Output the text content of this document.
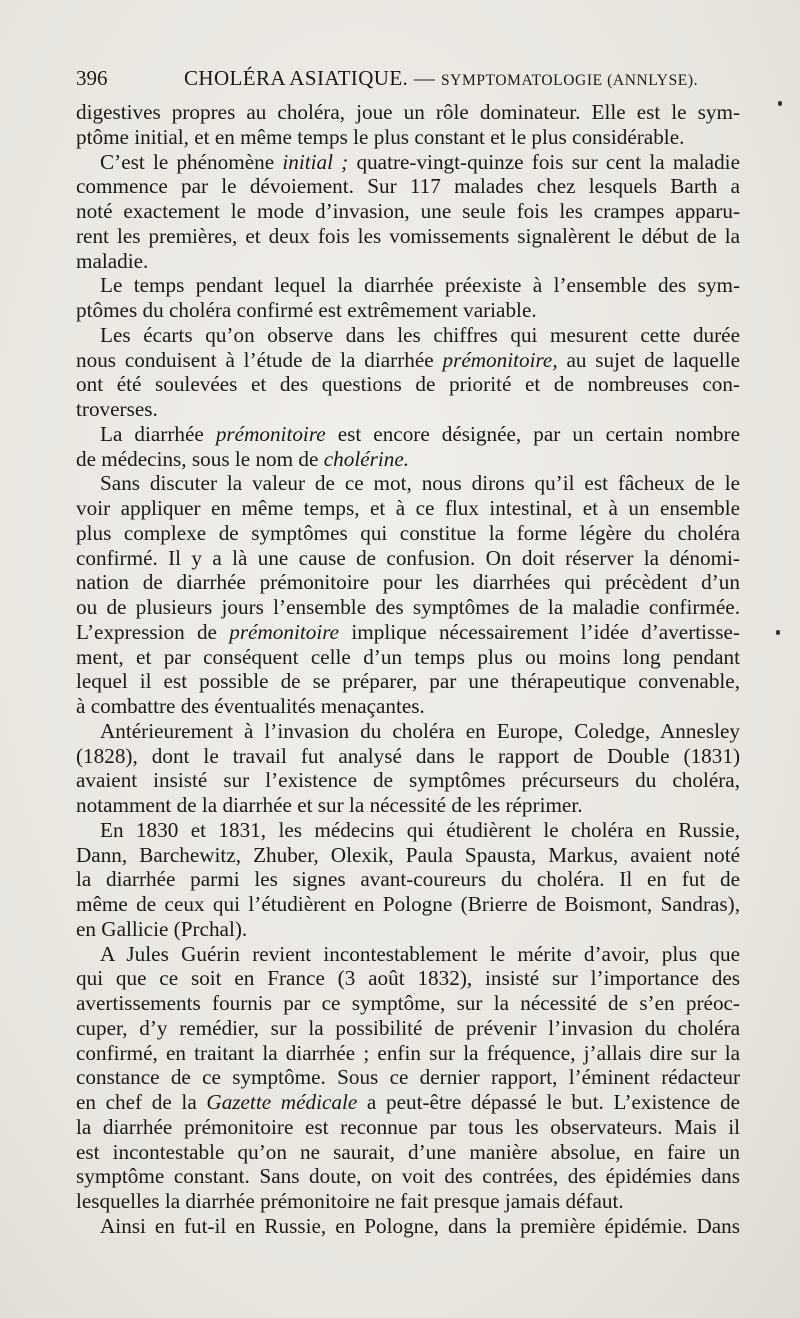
396	CHOLÉRA ASIATIQUE. — SYMPTOMATOLOGIE (ANNLYSE).
digestives propres au choléra, joue un rôle dominateur. Elle est le sym-
ptôme initial, et en même temps le plus constant et le plus considérable.
C’est le phénomène initial ; quatre-vingt-quinze fois sur cent la maladie
commence par le dévoiement. Sur 117 malades chez lesquels Barth a
noté exactement le mode d’invasion, une seule fois les crampes apparu-
rent les premières, et deux fois les vomissements signalèrent le début de la
maladie.
Le temps pendant lequel la diarrhée préexiste à l’ensemble des sym-
ptômes du choléra confirmé est extrêmement variable.
Les écarts qu’on observe dans les chiffres qui mesurent cette durée
nous conduisent à l’étude de la diarrhée prémonitoire, au sujet de laquelle
ont été soulevées et des questions de priorité et de nombreuses con-
troverses.
La diarrhée prémonitoire est encore désignée, par un certain nombre
de médecins, sous le nom de cholérine.
Sans discuter la valeur de ce mot, nous dirons qu’il est fâcheux de le
voir appliquer en même temps, et à ce flux intestinal, et à un ensemble
plus complexe de symptômes qui constitue la forme légère du choléra
confirmé. Il y a là une cause de confusion. On doit réserver la dénomi-
nation de diarrhée prémonitoire pour les diarrhées qui précèdent d’un
ou de plusieurs jours l’ensemble des symptômes de la maladie confirmée.
L’expression de prémonitoire implique nécessairement l’idée d’avertisse-
ment, et par conséquent celle d’un temps plus ou moins long pendant
lequel il est possible de se préparer, par une thérapeutique convenable,
à combattre des éventualités menaçantes.
Antérieurement à l’invasion du choléra en Europe, Coledge, Annesley
(1828), dont le travail fut analysé dans le rapport de Double (1831)
avaient insisté sur l’existence de symptômes précurseurs du choléra,
notamment de la diarrhée et sur la nécessité de les réprimer.
En 1830 et 1831, les médecins qui étudièrent le choléra en Russie,
Dann, Barchewitz, Zhuber, Olexik, Paula Spausta, Markus, avaient noté
la diarrhée parmi les signes avant-coureurs du choléra. Il en fut de
même de ceux qui l’étudièrent en Pologne (Brierre de Boismont, Sandras),
en Gallicie (Prchal).
A Jules Guérin revient incontestablement le mérite d’avoir, plus que
qui que ce soit en France (3 août 1832), insisté sur l’importance des
avertissements fournis par ce symptôme, sur la nécessité de s’en préoc-
cuper, d’y remédier, sur la possibilité de prévenir l’invasion du choléra
confirmé, en traitant la diarrhée ; enfin sur la fréquence, j’allais dire sur la
constance de ce symptôme. Sous ce dernier rapport, l’éminent rédacteur
en chef de la Gazette médicale a peut-être dépassé le but. L’existence de
la diarrhée prémonitoire est reconnue par tous les observateurs. Mais il
est incontestable qu’on ne saurait, d’une manière absolue, en faire un
symptôme constant. Sans doute, on voit des contrées, des épidémies dans
lesquelles la diarrhée prémonitoire ne fait presque jamais défaut.
Ainsi en fut-il en Russie, en Pologne, dans la première épidémie. Dans
